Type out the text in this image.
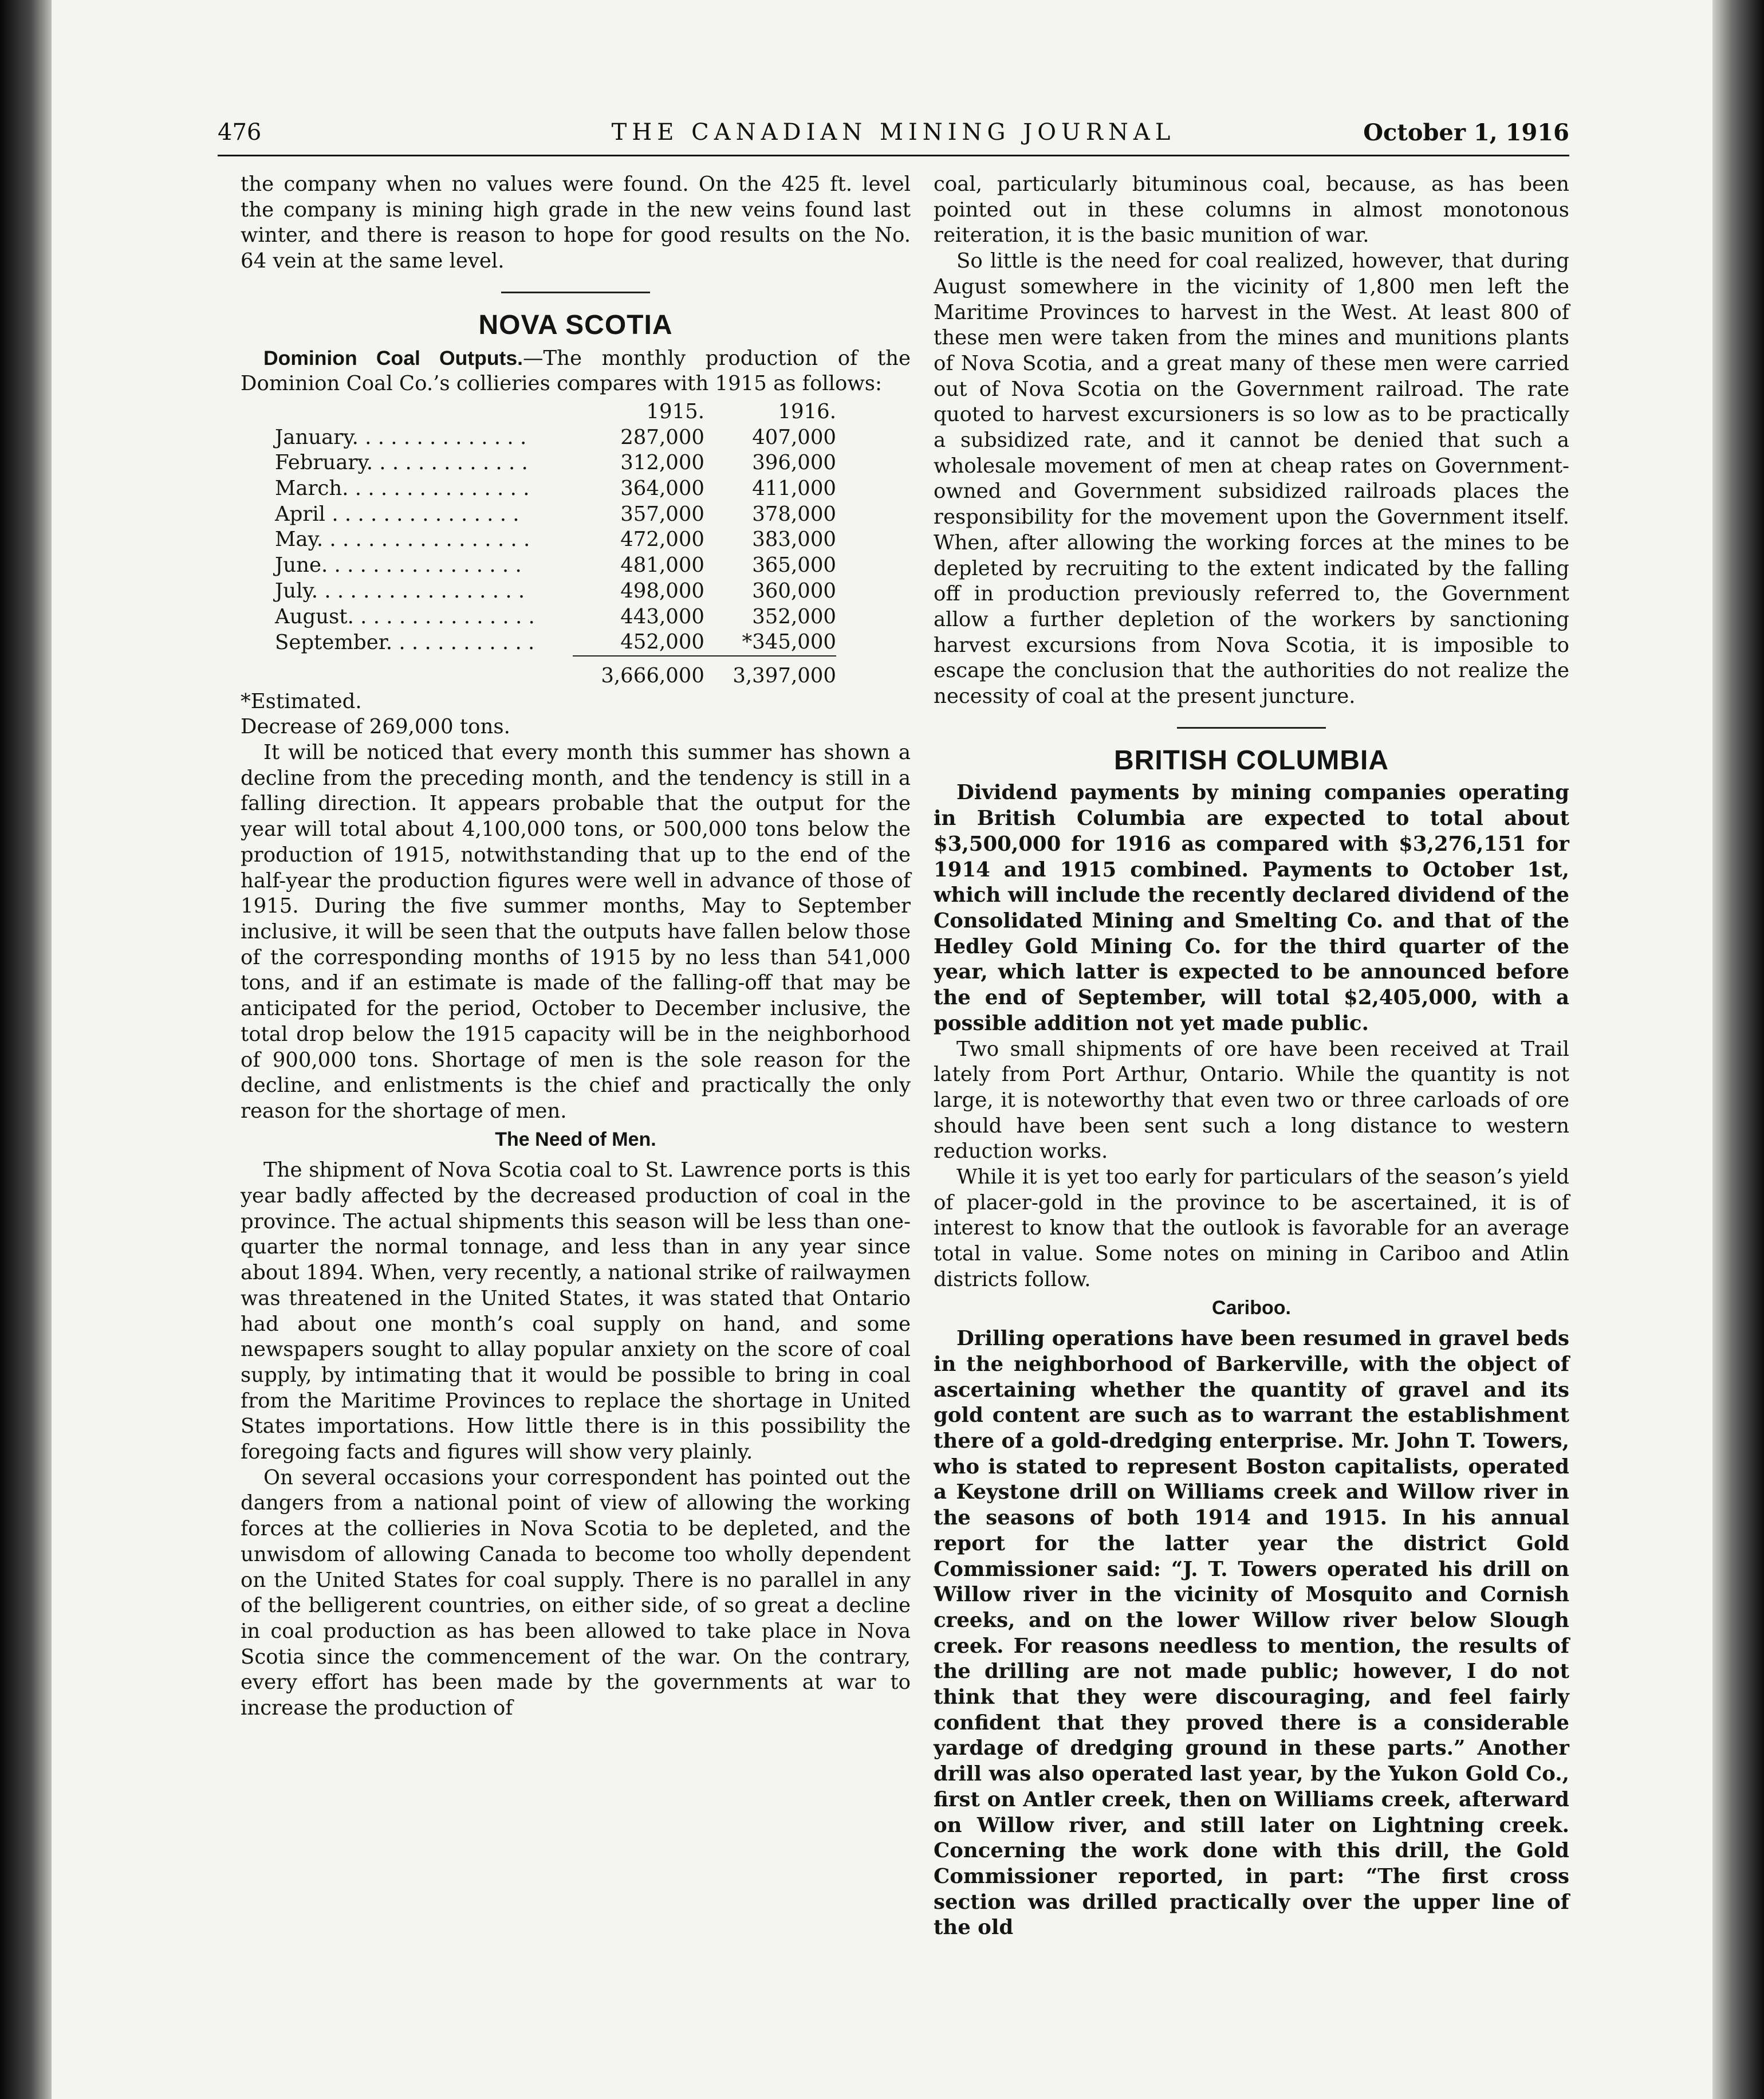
476	THE CANADIAN MINING JOURNAL	October 1, 1916

the company when no values were found. On the 425 ft. level the company is mining high grade in the new veins found last winter, and there is reason to hope for good results on the No. 64 vein at the same level.

NOVA SCOTIA

Dominion Coal Outputs.—The monthly production of the Dominion Coal Co.’s collieries compares with 1915 as follows:

	1915.	1916.
January. . . . . . . . . . . . . .	287,000	407,000
February. . . . . . . . . . . . .	312,000	396,000
March. . . . . . . . . . . . . . .	364,000	411,000
April . . . . . . . . . . . . . . .	357,000	378,000
May. . . . . . . . . . . . . . . . .	472,000	383,000
June. . . . . . . . . . . . . . . .	481,000	365,000
July. . . . . . . . . . . . . . . . .	498,000	360,000
August. . . . . . . . . . . . . . .	443,000	352,000
September. . . . . . . . . . . .	452,000	*345,000
	3,666,000	3,397,000

*Estimated.

Decrease of 269,000 tons.

It will be noticed that every month this summer has shown a decline from the preceding month, and the tendency is still in a falling direction. It appears probable that the output for the year will total about 4,100,000 tons, or 500,000 tons below the production of 1915, notwithstanding that up to the end of the half-year the production figures were well in advance of those of 1915. During the five summer months, May to September inclusive, it will be seen that the outputs have fallen below those of the corresponding months of 1915 by no less than 541,000 tons, and if an estimate is made of the falling-off that may be anticipated for the period, October to December inclusive, the total drop below the 1915 capacity will be in the neighborhood of 900,000 tons. Shortage of men is the sole reason for the decline, and enlistments is the chief and practically the only reason for the shortage of men.

The Need of Men.

The shipment of Nova Scotia coal to St. Lawrence ports is this year badly affected by the decreased production of coal in the province. The actual shipments this season will be less than one-quarter the normal tonnage, and less than in any year since about 1894. When, very recently, a national strike of railwaymen was threatened in the United States, it was stated that Ontario had about one month’s coal supply on hand, and some newspapers sought to allay popular anxiety on the score of coal supply, by intimating that it would be possible to bring in coal from the Maritime Provinces to replace the shortage in United States importations. How little there is in this possibility the foregoing facts and figures will show very plainly.

On several occasions your correspondent has pointed out the dangers from a national point of view of allowing the working forces at the collieries in Nova Scotia to be depleted, and the unwisdom of allowing Canada to become too wholly dependent on the United States for coal supply. There is no parallel in any of the belligerent countries, on either side, of so great a decline in coal production as has been allowed to take place in Nova Scotia since the commencement of the war. On the contrary, every effort has been made by the governments at war to increase the production of

coal, particularly bituminous coal, because, as has been pointed out in these columns in almost monotonous reiteration, it is the basic munition of war.

So little is the need for coal realized, however, that during August somewhere in the vicinity of 1,800 men left the Maritime Provinces to harvest in the West. At least 800 of these men were taken from the mines and munitions plants of Nova Scotia, and a great many of these men were carried out of Nova Scotia on the Government railroad. The rate quoted to harvest excursioners is so low as to be practically a subsidized rate, and it cannot be denied that such a wholesale movement of men at cheap rates on Government-owned and Government subsidized railroads places the responsibility for the movement upon the Government itself. When, after allowing the working forces at the mines to be depleted by recruiting to the extent indicated by the falling off in production previously referred to, the Government allow a further depletion of the workers by sanctioning harvest excursions from Nova Scotia, it is imposible to escape the conclusion that the authorities do not realize the necessity of coal at the present juncture.

BRITISH COLUMBIA

Dividend payments by mining companies operating in British Columbia are expected to total about $3,500,000 for 1916 as compared with $3,276,151 for 1914 and 1915 combined. Payments to October 1st, which will include the recently declared dividend of the Consolidated Mining and Smelting Co. and that of the Hedley Gold Mining Co. for the third quarter of the year, which latter is expected to be announced before the end of September, will total $2,405,000, with a possible addition not yet made public.

Two small shipments of ore have been received at Trail lately from Port Arthur, Ontario. While the quantity is not large, it is noteworthy that even two or three carloads of ore should have been sent such a long distance to western reduction works.

While it is yet too early for particulars of the season’s yield of placer-gold in the province to be ascertained, it is of interest to know that the outlook is favorable for an average total in value. Some notes on mining in Cariboo and Atlin districts follow.

Cariboo.

Drilling operations have been resumed in gravel beds in the neighborhood of Barkerville, with the object of ascertaining whether the quantity of gravel and its gold content are such as to warrant the establishment there of a gold-dredging enterprise. Mr. John T. Towers, who is stated to represent Boston capitalists, operated a Keystone drill on Williams creek and Willow river in the seasons of both 1914 and 1915. In his annual report for the latter year the district Gold Commissioner said: “J. T. Towers operated his drill on Willow river in the vicinity of Mosquito and Cornish creeks, and on the lower Willow river below Slough creek. For reasons needless to mention, the results of the drilling are not made public; however, I do not think that they were discouraging, and feel fairly confident that they proved there is a considerable yardage of dredging ground in these parts.” Another drill was also operated last year, by the Yukon Gold Co., first on Antler creek, then on Williams creek, afterward on Willow river, and still later on Lightning creek. Concerning the work done with this drill, the Gold Commissioner reported, in part: “The first cross section was drilled practically over the upper line of the old
